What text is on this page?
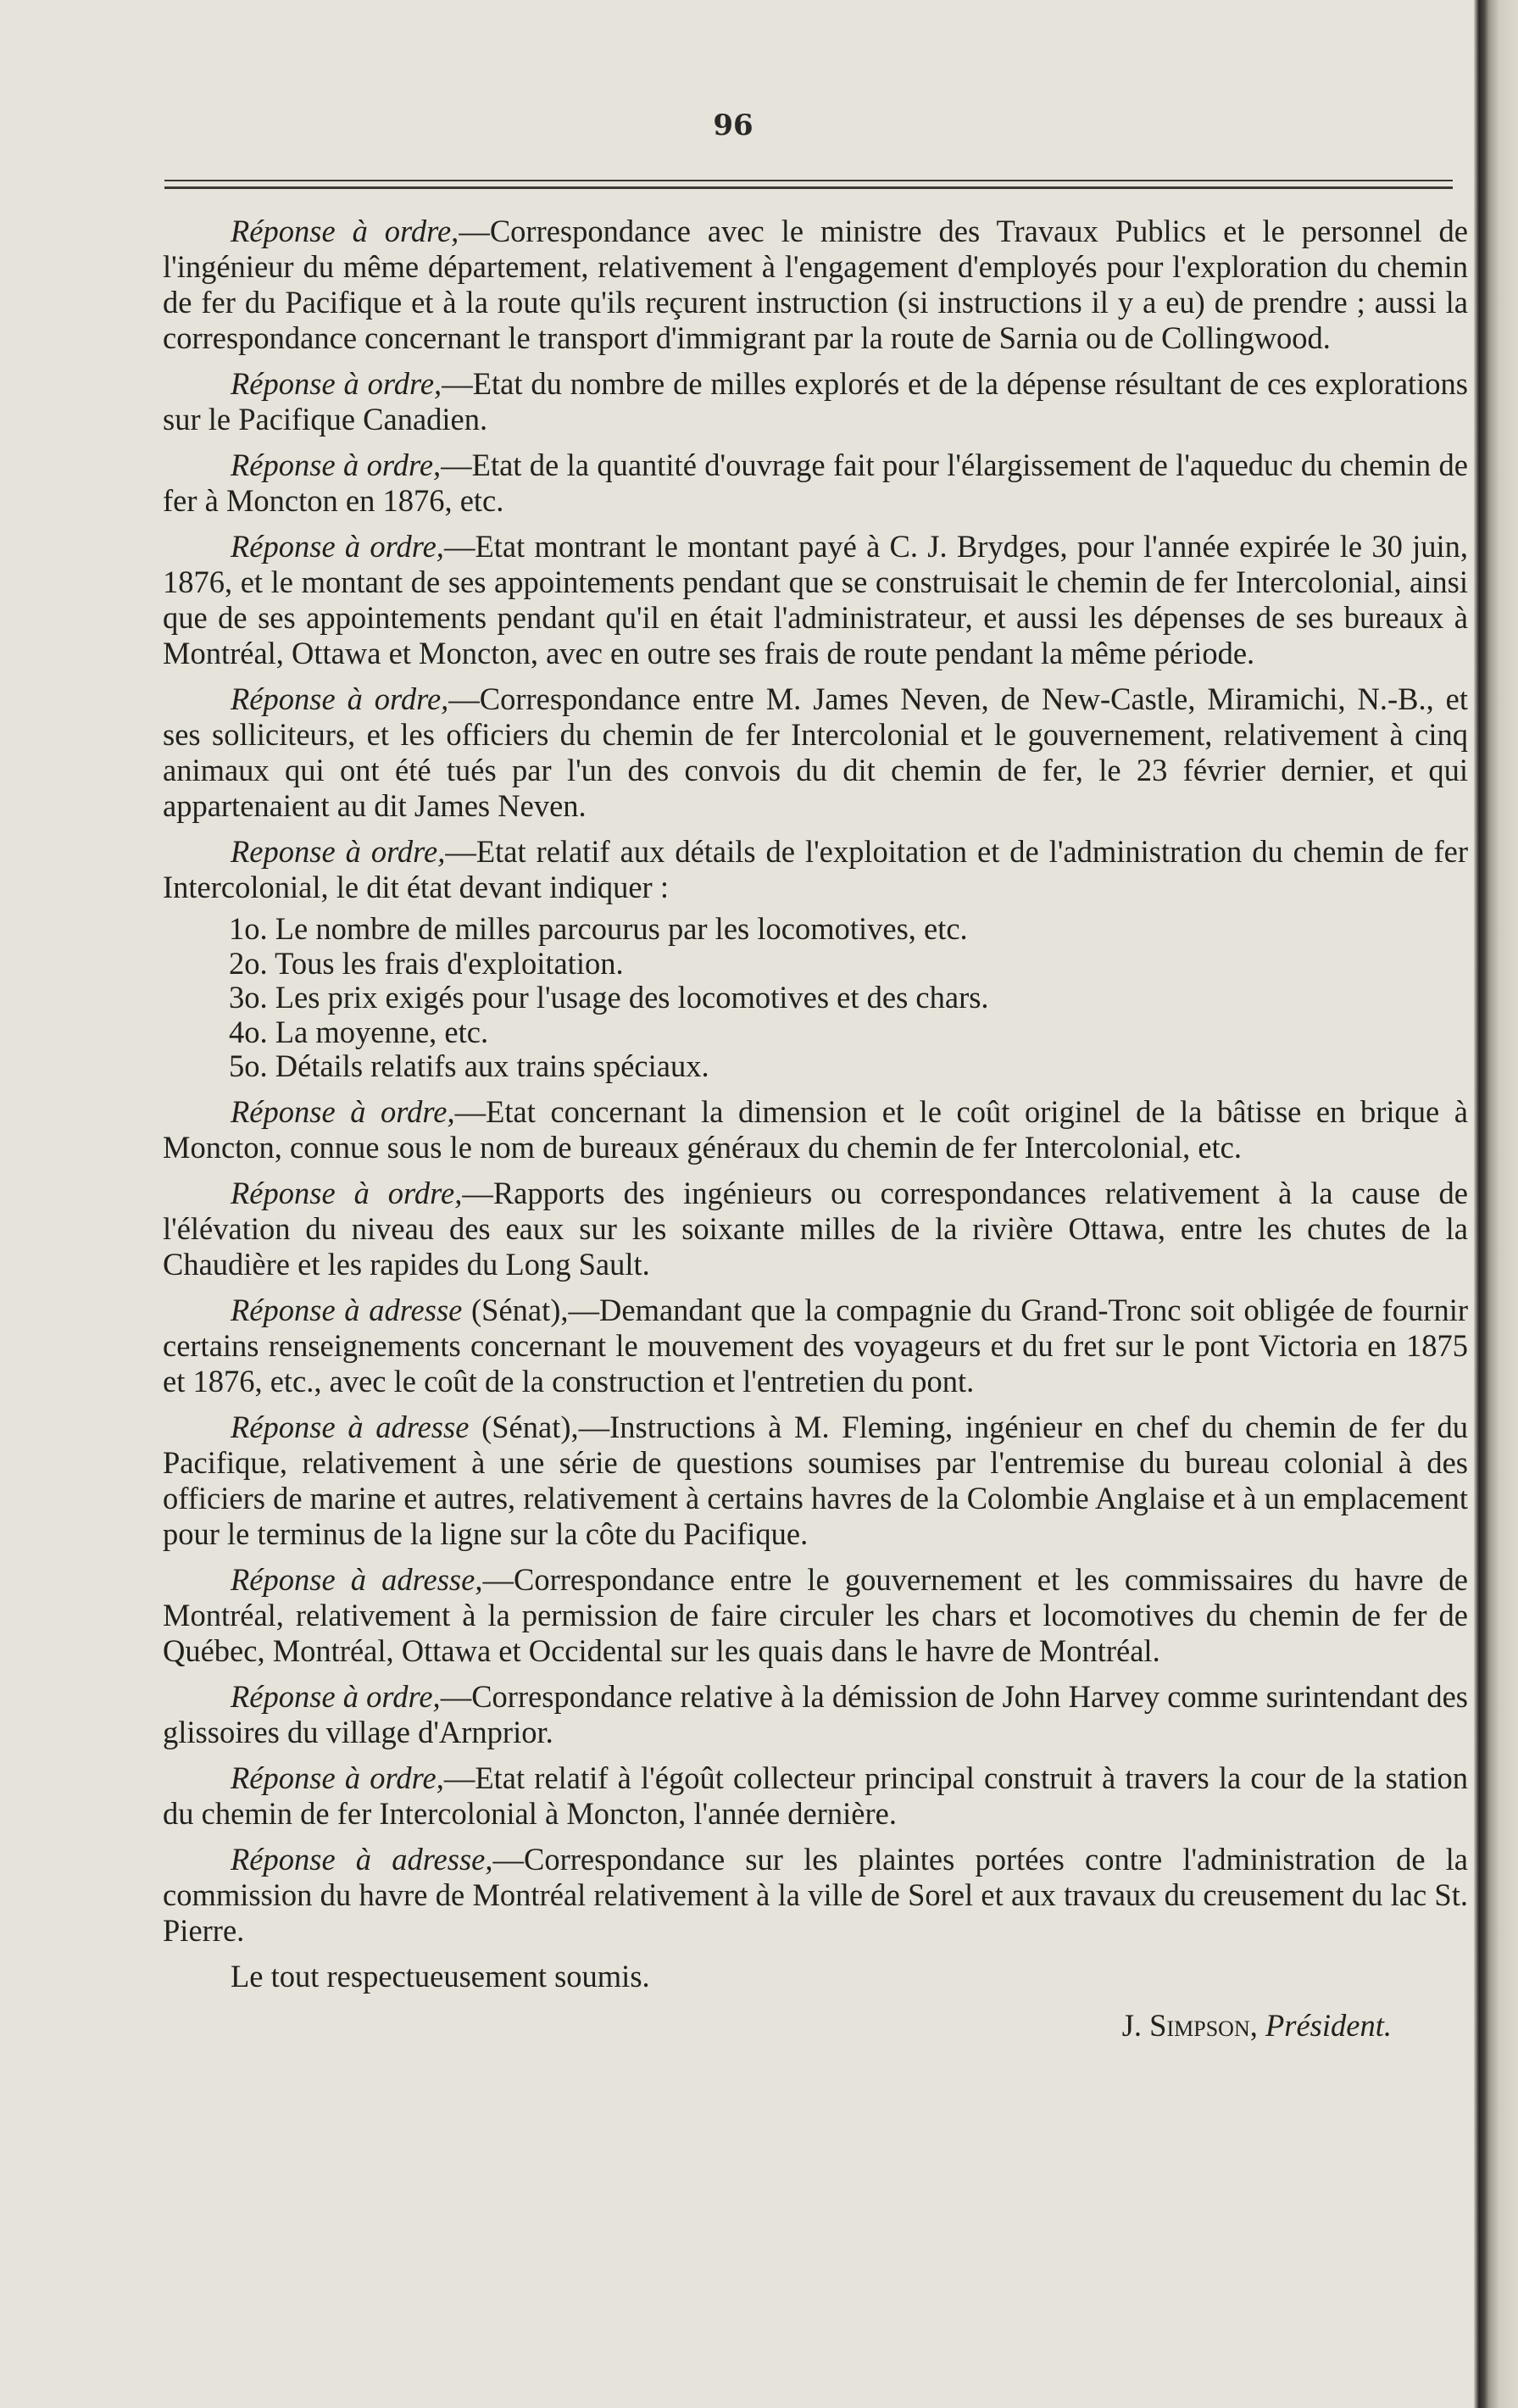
96

Réponse à ordre,—Correspondance avec le ministre des Travaux Publics et le personnel de l'ingénieur du même département, relativement à l'engagement d'employés pour l'exploration du chemin de fer du Pacifique et à la route qu'ils reçurent instruction (si instructions il y a eu) de prendre ; aussi la correspondance concernant le transport d'immigrant par la route de Sarnia ou de Collingwood.

Réponse à ordre,—Etat du nombre de milles explorés et de la dépense résultant de ces explorations sur le Pacifique Canadien.

Réponse à ordre,—Etat de la quantité d'ouvrage fait pour l'élargissement de l'aqueduc du chemin de fer à Moncton en 1876, etc.

Réponse à ordre,—Etat montrant le montant payé à C. J. Brydges, pour l'année expirée le 30 juin, 1876, et le montant de ses appointements pendant que se construisait le chemin de fer Intercolonial, ainsi que de ses appointements pendant qu'il en était l'administrateur, et aussi les dépenses de ses bureaux à Montréal, Ottawa et Moncton, avec en outre ses frais de route pendant la même période.

Réponse à ordre,—Correspondance entre M. James Neven, de New-Castle, Miramichi, N.-B., et ses solliciteurs, et les officiers du chemin de fer Intercolonial et le gouvernement, relativement à cinq animaux qui ont été tués par l'un des convois du dit chemin de fer, le 23 février dernier, et qui appartenaient au dit James Neven.

Reponse à ordre,—Etat relatif aux détails de l'exploitation et de l'administration du chemin de fer Intercolonial, le dit état devant indiquer :

1o. Le nombre de milles parcourus par les locomotives, etc.
2o. Tous les frais d'exploitation.
3o. Les prix exigés pour l'usage des locomotives et des chars.
4o. La moyenne, etc.
5o. Détails relatifs aux trains spéciaux.

Réponse à ordre,—Etat concernant la dimension et le coût originel de la bâtisse en brique à Moncton, connue sous le nom de bureaux généraux du chemin de fer Intercolonial, etc.

Réponse à ordre,—Rapports des ingénieurs ou correspondances relativement à la cause de l'élévation du niveau des eaux sur les soixante milles de la rivière Ottawa, entre les chutes de la Chaudière et les rapides du Long Sault.

Réponse à adresse (Sénat),—Demandant que la compagnie du Grand-Tronc soit obligée de fournir certains renseignements concernant le mouvement des voyageurs et du fret sur le pont Victoria en 1875 et 1876, etc., avec le coût de la construction et l'entretien du pont.

Réponse à adresse (Sénat),—Instructions à M. Fleming, ingénieur en chef du chemin de fer du Pacifique, relativement à une série de questions soumises par l'entremise du bureau colonial à des officiers de marine et autres, relativement à certains havres de la Colombie Anglaise et à un emplacement pour le terminus de la ligne sur la côte du Pacifique.

Réponse à adresse,—Correspondance entre le gouvernement et les commissaires du havre de Montréal, relativement à la permission de faire circuler les chars et locomotives du chemin de fer de Québec, Montréal, Ottawa et Occidental sur les quais dans le havre de Montréal.

Réponse à ordre,—Correspondance relative à la démission de John Harvey comme surintendant des glissoires du village d'Arnprior.

Réponse à ordre,—Etat relatif à l'égoût collecteur principal construit à travers la cour de la station du chemin de fer Intercolonial à Moncton, l'année dernière.

Réponse à adresse,—Correspondance sur les plaintes portées contre l'administration de la commission du havre de Montréal relativement à la ville de Sorel et aux travaux du creusement du lac St. Pierre.

Le tout respectueusement soumis.

J. Simpson, Président.
